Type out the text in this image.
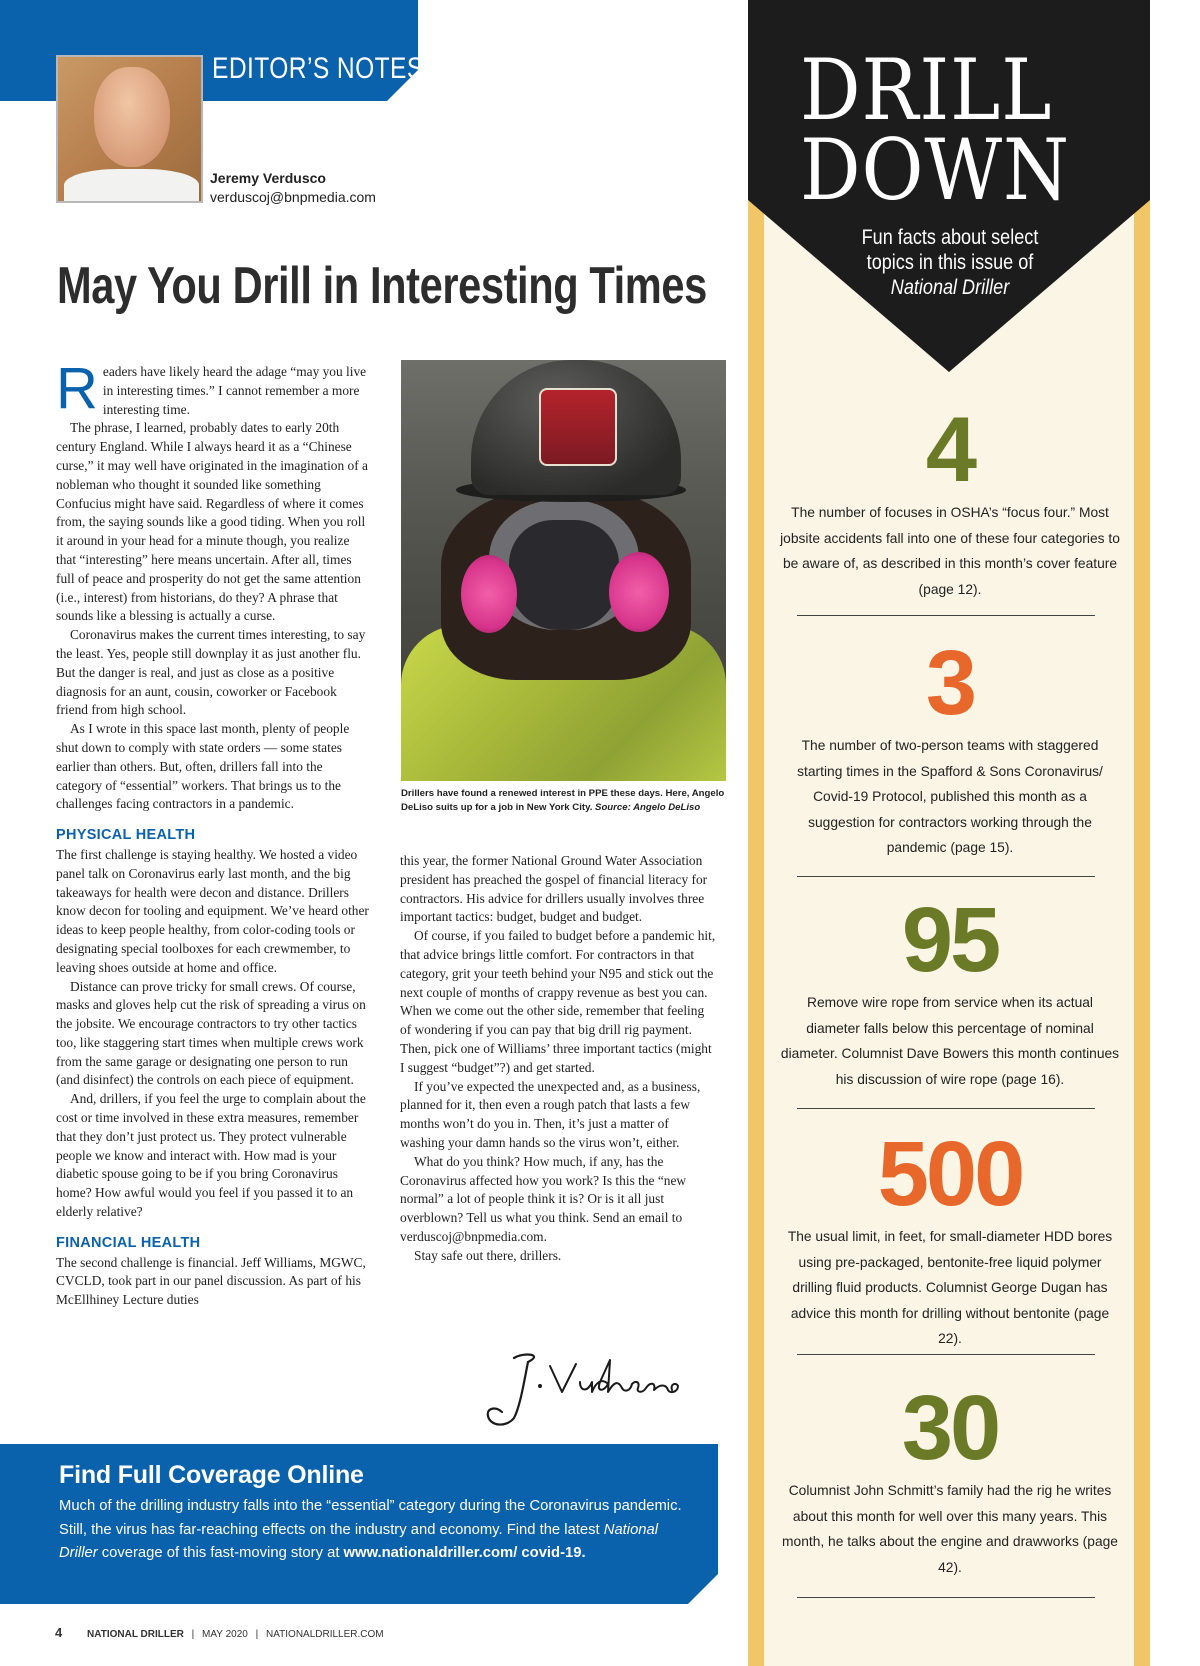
EDITOR’S NOTES
Jeremy Verdusco
verduscoj@bnpmedia.com
May You Drill in Interesting Times

Readers have likely heard the adage “may you live in interesting times.” I cannot remember a more interesting time.

The phrase, I learned, probably dates to early 20th century England. While I always heard it as a “Chinese curse,” it may well have originated in the imagination of a nobleman who thought it sounded like something Confucius might have said. Regardless of where it comes from, the saying sounds like a good tiding. When you roll it around in your head for a minute though, you realize that “interesting” here means uncertain. After all, times full of peace and prosperity do not get the same attention (i.e., interest) from historians, do they? A phrase that sounds like a blessing is actually a curse.

Coronavirus makes the current times interesting, to say the least. Yes, people still downplay it as just another flu. But the danger is real, and just as close as a positive diagnosis for an aunt, cousin, coworker or Facebook friend from high school.

As I wrote in this space last month, plenty of people shut down to comply with state orders — some states earlier than others. But, often, drillers fall into the category of “essential” workers. That brings us to the challenges facing contractors in a pandemic.

PHYSICAL HEALTH

The first challenge is staying healthy. We hosted a video panel talk on Coronavirus early last month, and the big takeaways for health were decon and distance. Drillers know decon for tooling and equipment. We’ve heard other ideas to keep people healthy, from color-coding tools or designating special toolboxes for each crewmember, to leaving shoes outside at home and office.

Distance can prove tricky for small crews. Of course, masks and gloves help cut the risk of spreading a virus on the jobsite. We encourage contractors to try other tactics too, like staggering start times when multiple crews work from the same garage or designating one person to run (and disinfect) the controls on each piece of equipment.

And, drillers, if you feel the urge to complain about the cost or time involved in these extra measures, remember that they don’t just protect us. They protect vulnerable people we know and interact with. How mad is your diabetic spouse going to be if you bring Coronavirus home? How awful would you feel if you passed it to an elderly relative?

FINANCIAL HEALTH

The second challenge is financial. Jeff Williams, MGWC, CVCLD, took part in our panel discussion. As part of his McEllhiney Lecture duties

Drillers have found a renewed interest in PPE these days. Here, Angelo DeLiso suits up for a job in New York City. Source: Angelo DeLiso

this year, the former National Ground Water Association president has preached the gospel of financial literacy for contractors. His advice for drillers usually involves three important tactics: budget, budget and budget.

Of course, if you failed to budget before a pandemic hit, that advice brings little comfort. For contractors in that category, grit your teeth behind your N95 and stick out the next couple of months of crappy revenue as best you can. When we come out the other side, remember that feeling of wondering if you can pay that big drill rig payment. Then, pick one of Williams’ three important tactics (might I suggest “budget”?) and get started.

If you’ve expected the unexpected and, as a business, planned for it, then even a rough patch that lasts a few months won’t do you in. Then, it’s just a matter of washing your damn hands so the virus won’t, either.

What do you think? How much, if any, has the Coronavirus affected how you work? Is this the “new normal” a lot of people think it is? Or is it all just overblown? Tell us what you think. Send an email to verduscoj@bnpmedia.com.

Stay safe out there, drillers.

Find Full Coverage Online
Much of the drilling industry falls into the “essential” category during the Coronavirus pandemic. Still, the virus has far-reaching effects on the industry and economy. Find the latest National Driller coverage of this fast-moving story at www.nationaldriller.com/ covid-19.
4 NATIONAL DRILLER | MAY 2020 | NATIONALDRILLER.COM
DRILL
DOWN
Fun facts about select topics in this issue of
National Driller
4
The number of focuses in OSHA’s “focus four.” Most jobsite accidents fall into one of these four categories to be aware of, as described in this month’s cover feature (page 12).
3
The number of two-person teams with staggered starting times in the Spafford & Sons Coronavirus/ Covid-19 Protocol, published this month as a suggestion for contractors working through the pandemic (page 15).
95
Remove wire rope from service when its actual diameter falls below this percentage of nominal diameter. Columnist Dave Bowers this month continues his discussion of wire rope (page 16).
500
The usual limit, in feet, for small-diameter HDD bores using pre-packaged, bentonite-free liquid polymer drilling fluid products. Columnist George Dugan has advice this month for drilling without bentonite (page 22).
30
Columnist John Schmitt’s family had the rig he writes about this month for well over this many years. This month, he talks about the engine and drawworks (page 42).
